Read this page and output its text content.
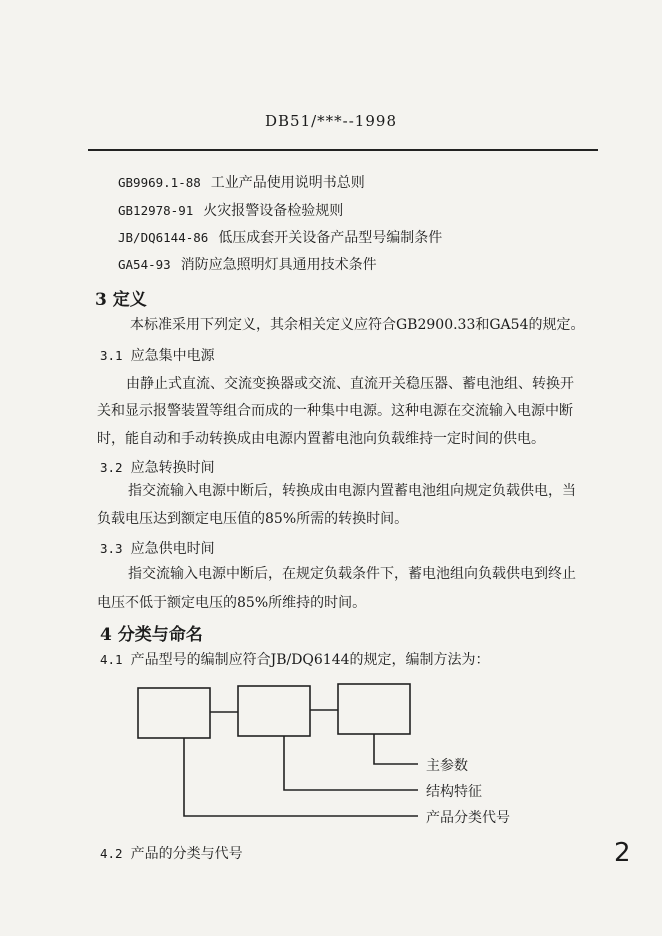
DB51/***--1998
GB9969.1-88 工业产品使用说明书总则
GB12978-91 火灾报警设备检验规则
JB/DQ6144-86 低压成套开关设备产品型号编制条件
GA54-93 消防应急照明灯具通用技术条件
3 定义
本标准采用下列定义，其余相关定义应符合GB2900.33和GA54的规定。
3.1 应急集中电源
由静止式直流、交流变换器或交流、直流开关稳压器、蓄电池组、转换开
关和显示报警装置等组合而成的一种集中电源。这种电源在交流输入电源中断
时，能自动和手动转换成由电源内置蓄电池向负载维持一定时间的供电。
3.2 应急转换时间
指交流输入电源中断后，转换成由电源内置蓄电池组向规定负载供电，当
负载电压达到额定电压值的85%所需的转换时间。
3.3 应急供电时间
指交流输入电源中断后，在规定负载条件下，蓄电池组向负载供电到终止
电压不低于额定电压的85%所维持的时间。
4 分类与命名
4.1 产品型号的编制应符合JB/DQ6144的规定，编制方法为：
主参数
结构特征
产品分类代号
4.2 产品的分类与代号	2
